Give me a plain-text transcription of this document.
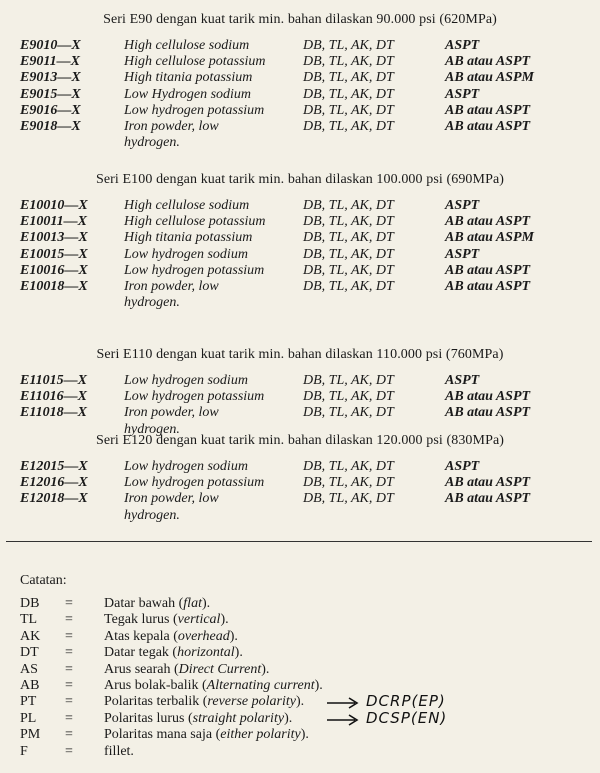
Seri E90 dengan kuat tarik min. bahan dilaskan 90.000 psi (620MPa)
E9010—X	High cellulose sodium	DB, TL, AK, DT	ASPT
E9011—X	High cellulose potassium	DB, TL, AK, DT	AB atau ASPT
E9013—X	High titania potassium	DB, TL, AK, DT	AB atau ASPM
E9015—X	Low Hydrogen sodium	DB, TL, AK, DT	ASPT
E9016—X	Low hydrogen potassium	DB, TL, AK, DT	AB atau ASPT
E9018—X	Iron powder, low	DB, TL, AK, DT	AB atau ASPT
hydrogen.
Seri E100 dengan kuat tarik min. bahan dilaskan 100.000 psi (690MPa)
E10010—X	High cellulose sodium	DB, TL, AK, DT	ASPT
E10011—X	High cellulose potassium	DB, TL, AK, DT	AB atau ASPT
E10013—X	High titania potassium	DB, TL, AK, DT	AB atau ASPM
E10015—X	Low hydrogen sodium	DB, TL, AK, DT	ASPT
E10016—X	Low hydrogen potassium	DB, TL, AK, DT	AB atau ASPT
E10018—X	Iron powder, low	DB, TL, AK, DT	AB atau ASPT
hydrogen.
Seri E110 dengan kuat tarik min. bahan dilaskan 110.000 psi (760MPa)
E11015—X	Low hydrogen sodium	DB, TL, AK, DT	ASPT
E11016—X	Low hydrogen potassium	DB, TL, AK, DT	AB atau ASPT
E11018—X	Iron powder, low	DB, TL, AK, DT	AB atau ASPT
hydrogen.
Seri E120 dengan kuat tarik min. bahan dilaskan 120.000 psi (830MPa)
E12015—X	Low hydrogen sodium	DB, TL, AK, DT	ASPT
E12016—X	Low hydrogen potassium	DB, TL, AK, DT	AB atau ASPT
E12018—X	Iron powder, low	DB, TL, AK, DT	AB atau ASPT
hydrogen.
Catatan:
DB = Datar bawah (flat).
TL = Tegak lurus (vertical).
AK = Atas kepala (overhead).
DT = Datar tegak (horizontal).
AS = Arus searah (Direct Current).
AB = Arus bolak-balik (Alternating current).
PT = Polaritas terbalik (reverse polarity).
PL = Polaritas lurus (straight polarity).
PM = Polaritas mana saja (either polarity).
F	= fillet.
DCRP(EP)
DCSP(EN)
